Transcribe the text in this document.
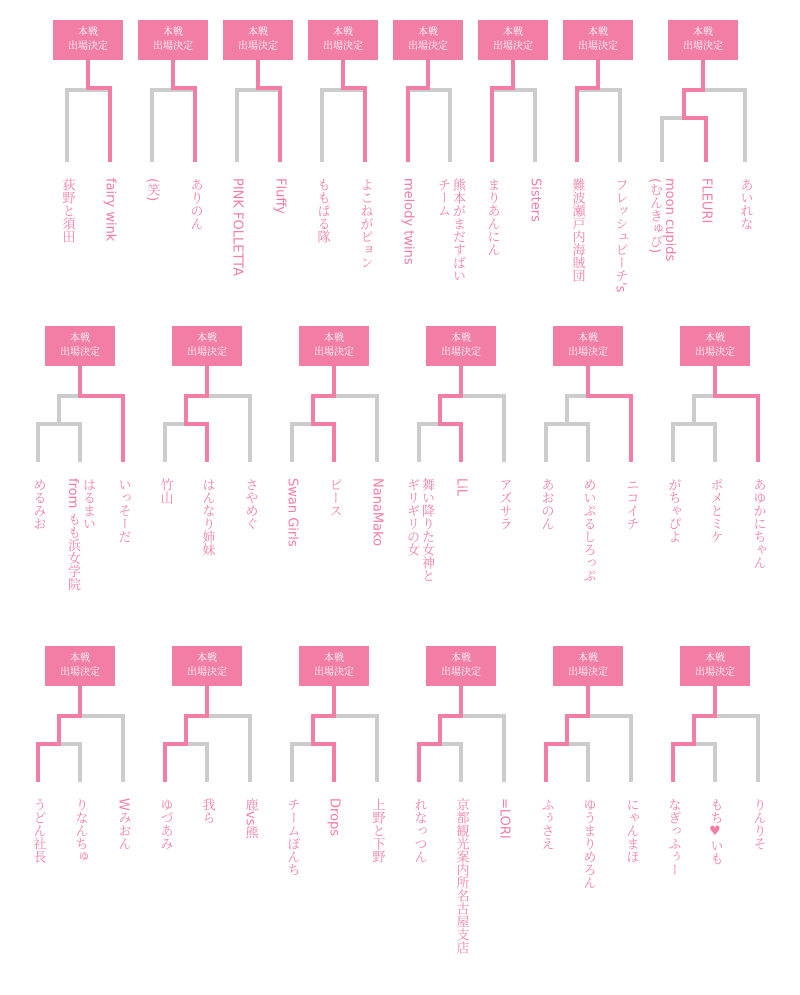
本戦
出場決定
荻野と須田 fairy wink
本戦
出場決定
(笑) ありのん
本戦
出場決定
PINK FOLLETTA Fluffy
本戦
出場決定
ももぱる隊 よこねがピョン
本戦
出場決定
melody twins	熊本がまだすばい
チーム
本戦
出場決定
まりあんにん Sisters
本戦
出場決定
難波瀬戸内海賊団 フレッシュピーチ's
本戦
出場決定
moon cupids
(むんきゅぴ)	FLEURI あいれな
本戦
出場決定
めるみお	はるまい
from もも浜女学院	いっそーだ
本戦
出場決定
竹山 はんなり姉妹 さやめぐ
本戦
出場決定
Swan Girls ピース NanaMako
本戦
出場決定
舞い降りた女神と
ギリギリの女	LiL アズサラ
本戦
出場決定
あおのん めいぷるしろっぷ ニコイチ
本戦
出場決定
がちゃぴよ ポメとミケ あゆかにちゃん
本戦
出場決定
うどん社長 りなんちゅ Wみおん
本戦
出場決定
ゆづあみ 我ら 鹿vs熊
本戦
出場決定
チームぽんち Drops 上野と下野
本戦
出場決定
れなっつん 京都観光案内所名古屋支店 =LORI
本戦
出場決定
ふぅさえ ゆうまりめろん にゃんまほ
本戦
出場決定
なぎっふぅー もち♥いも りんりそ
